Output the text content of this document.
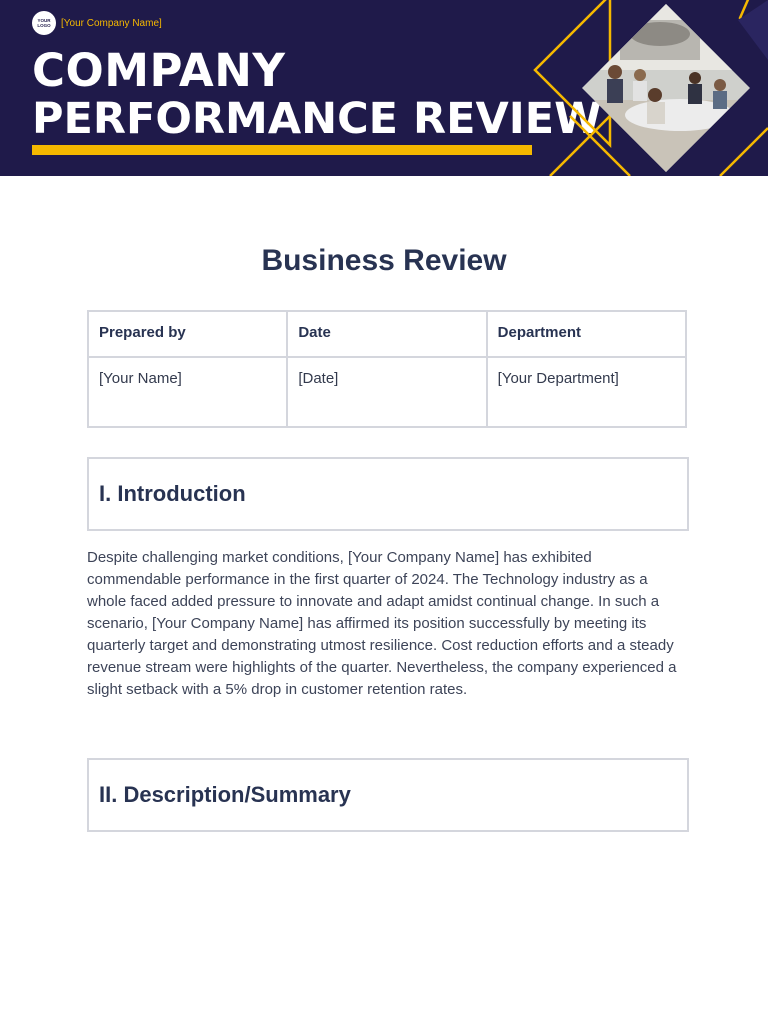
YOUR LOGO	[Your Company Name]
COMPANY
PERFORMANCE REVIEW
Business Review
Prepared by	Date	Department
[Your Name]	[Date]	[Your Department]
I. Introduction
Despite challenging market conditions, [Your Company Name] has exhibited commendable performance in the first quarter of 2024. The Technology industry as a whole faced added pressure to innovate and adapt amidst continual change. In such a scenario, [Your Company Name] has affirmed its position successfully by meeting its quarterly target and demonstrating utmost resilience. Cost reduction efforts and a steady revenue stream were highlights of the quarter. Nevertheless, the company experienced a slight setback with a 5% drop in customer retention rates.
II. Description/Summary
